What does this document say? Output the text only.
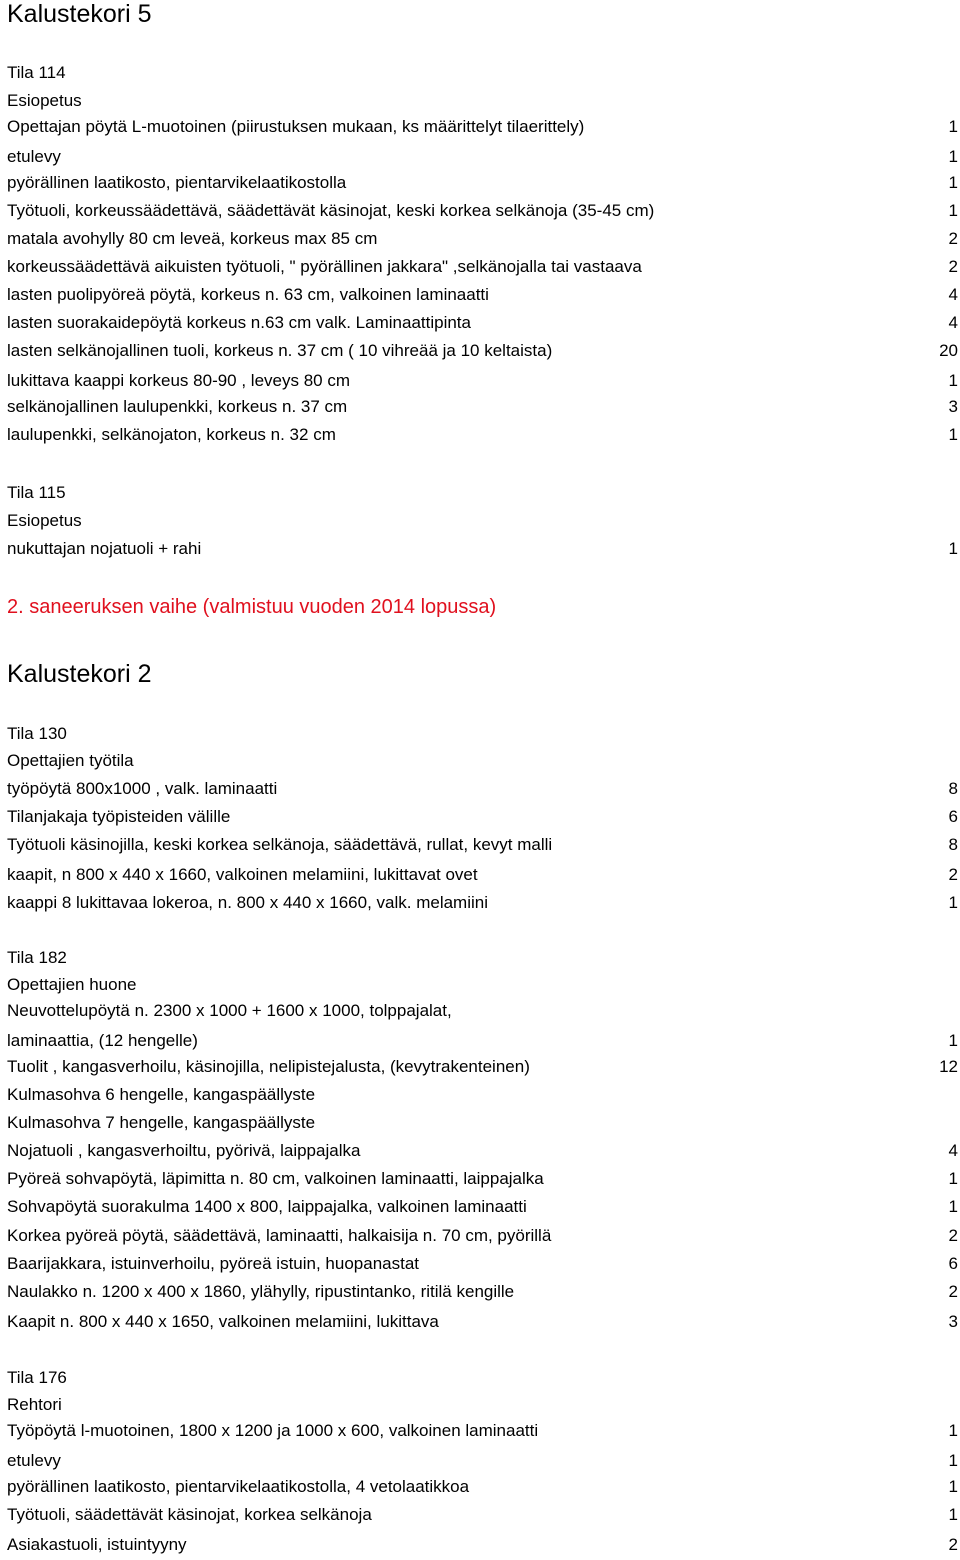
Kalustekori 5
Tila 114
Esiopetus
Opettajan pöytä L-muotoinen (piirustuksen mukaan, ks määrittelyt tilaerittely)	1
etulevy	1
pyörällinen laatikosto, pientarvikelaatikostolla	1
Työtuoli, korkeussäädettävä, säädettävät käsinojat, keski korkea selkänoja (35-45 cm)	1
matala avohylly 80 cm leveä, korkeus max 85 cm	2
korkeussäädettävä aikuisten työtuoli, " pyörällinen jakkara" ,selkänojalla tai vastaava	2
lasten puolipyöreä pöytä, korkeus n. 63 cm, valkoinen laminaatti	4
lasten suorakaidepöytä korkeus n.63 cm valk. Laminaattipinta	4
lasten selkänojallinen tuoli, korkeus n. 37 cm ( 10 vihreää ja 10 keltaista)	20
lukittava kaappi korkeus 80-90 , leveys 80 cm	1
selkänojallinen laulupenkki, korkeus n. 37 cm	3
laulupenkki, selkänojaton, korkeus n. 32 cm	1
Tila 115
Esiopetus
nukuttajan nojatuoli + rahi	1
2. saneeruksen vaihe (valmistuu vuoden 2014 lopussa)
Kalustekori 2
Tila 130
Opettajien työtila
työpöytä 800x1000 , valk. laminaatti	8
Tilanjakaja työpisteiden välille	6
Työtuoli käsinojilla, keski korkea selkänoja, säädettävä, rullat, kevyt malli	8
kaapit, n 800 x 440 x 1660, valkoinen melamiini, lukittavat ovet	2
kaappi 8 lukittavaa lokeroa, n. 800 x 440 x 1660, valk. melamiini	1
Tila 182
Opettajien huone
Neuvottelupöytä n. 2300 x 1000 + 1600 x 1000, tolppajalat,
laminaattia, (12 hengelle)	1
Tuolit , kangasverhoilu, käsinojilla, nelipistejalusta, (kevytrakenteinen)	12
Kulmasohva 6 hengelle, kangaspäällyste
Kulmasohva 7 hengelle, kangaspäällyste
Nojatuoli , kangasverhoiltu, pyörivä, laippajalka	4
Pyöreä sohvapöytä, läpimitta n. 80 cm, valkoinen laminaatti, laippajalka	1
Sohvapöytä suorakulma 1400 x 800, laippajalka, valkoinen laminaatti	1
Korkea pyöreä pöytä, säädettävä, laminaatti, halkaisija n. 70 cm, pyörillä	2
Baarijakkara, istuinverhoilu, pyöreä istuin, huopanastat	6
Naulakko n. 1200 x 400 x 1860, ylähylly, ripustintanko, ritilä kengille	2
Kaapit n. 800 x 440 x 1650, valkoinen melamiini, lukittava	3
Tila 176
Rehtori
Työpöytä l-muotoinen, 1800 x 1200 ja 1000 x 600, valkoinen laminaatti	1
etulevy	1
pyörällinen laatikosto, pientarvikelaatikostolla, 4 vetolaatikkoa	1
Työtuoli, säädettävät käsinojat, korkea selkänoja	1
Asiakastuoli, istuintyyny	2
